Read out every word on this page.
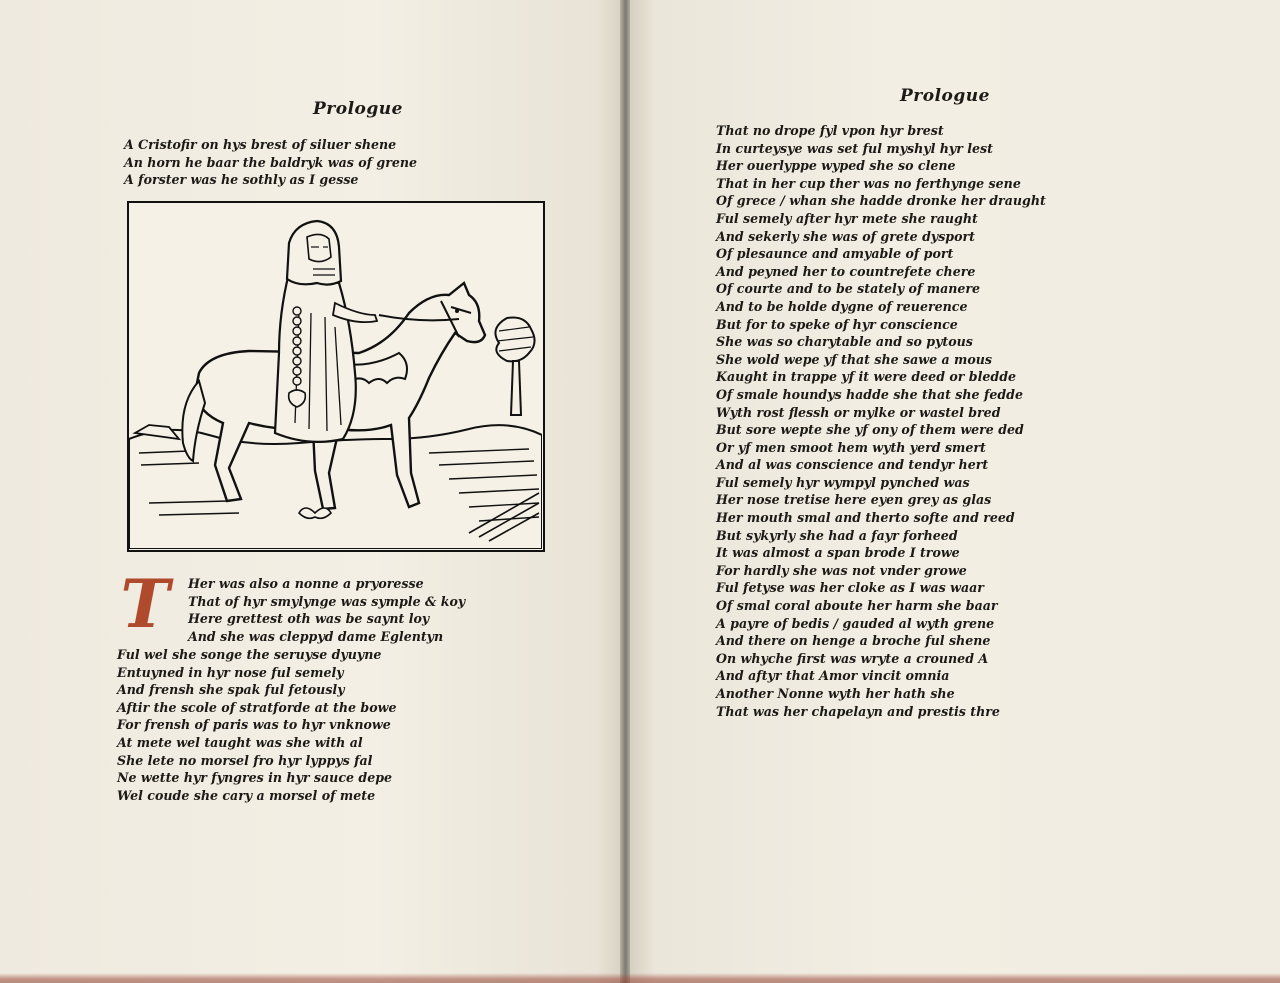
Prologue
A Cristofir on hys brest of siluer shene
An horn he baar the baldryk was of grene
A forster was he sothly as I gesse
T	Her was also a nonne a pryoresse
That of hyr smylynge was symple & koy
Here grettest oth was be saynt loy
And she was cleppyd dame Eglentyn
Ful wel she songe the seruyse dyuyne
Entuyned in hyr nose ful semely
And frensh she spak ful fetously
Aftir the scole of stratforde at the bowe
For frensh of paris was to hyr vnknowe
At mete wel taught was she with al
She lete no morsel fro hyr lyppys fal
Ne wette hyr fyngres in hyr sauce depe
Wel coude she cary a morsel of mete
Prologue
That no drope fyl vpon hyr brest
In curteysye was set ful myshyl hyr lest
Her ouerlyppe wyped she so clene
That in her cup ther was no ferthynge sene
Of grece / whan she hadde dronke her draught
Ful semely after hyr mete she raught
And sekerly she was of grete dysport
Of plesaunce and amyable of port
And peyned her to countrefete chere
Of courte and to be stately of manere
And to be holde dygne of reuerence
But for to speke of hyr conscience
She was so charytable and so pytous
She wold wepe yf that she sawe a mous
Kaught in trappe yf it were deed or bledde
Of smale houndys hadde she that she fedde
Wyth rost flessh or mylke or wastel bred
But sore wepte she yf ony of them were ded
Or yf men smoot hem wyth yerd smert
And al was conscience and tendyr hert
Ful semely hyr wympyl pynched was
Her nose tretise here eyen grey as glas
Her mouth smal and therto softe and reed
But sykyrly she had a fayr forheed
It was almost a span brode I trowe
For hardly she was not vnder growe
Ful fetyse was her cloke as I was waar
Of smal coral aboute her harm she baar
A payre of bedis / gauded al wyth grene
And there on henge a broche ful shene
On whyche first was wryte a crouned A
And aftyr that Amor vincit omnia
Another Nonne wyth her hath she
That was her chapelayn and prestis thre
